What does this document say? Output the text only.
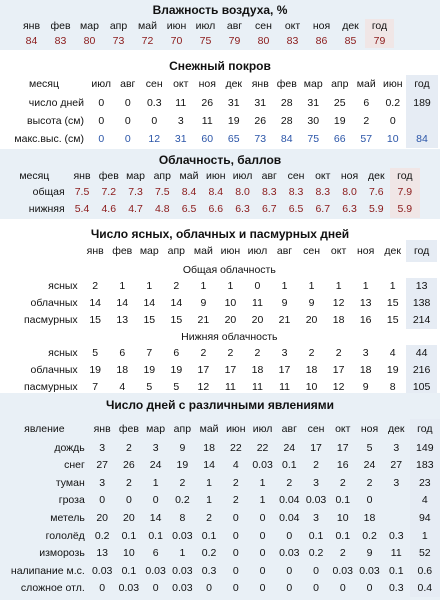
Влажность воздуха, %
янв	фев	мар	апр	май	июн	июл	авг	сен	окт	ноя	дек	год
84	83	80	73	72	70	75	79	80	83	86	85	79
Снежный покров
месяц	июл	авг	сен	окт	ноя	дек	янв	фев	мар	апр	май	июн	год
число дней	0	0	0.3	11	26	31	31	28	31	25	6	0.2	189
высота (см)	0	0	0	3	11	19	26	28	30	19	2	0	
макс.выс. (см)	0	0	12	31	60	65	73	84	75	66	57	10	84
Облачность, баллов
месяц	янв	фев	мар	апр	май	июн	июл	авг	сен	окт	ноя	дек	год
общая	7.5	7.2	7.3	7.5	8.4	8.4	8.0	8.3	8.3	8.3	8.0	7.6	7.9
нижняя	5.4	4.6	4.7	4.8	6.5	6.6	6.3	6.7	6.5	6.7	6.3	5.9	5.9
Число ясных, облачных и пасмурных дней
	янв	фев	мар	апр	май	июн	июл	авг	сен	окт	ноя	дек	год
	Общая облачность												
ясных	2	1	1	2	1	1	0	1	1	1	1	1	13
облачных	14	14	14	14	9	10	11	9	9	12	13	15	138
пасмурных	15	13	15	15	21	20	20	21	20	18	16	15	214
	Нижняя облачность												
ясных	5	6	7	6	2	2	2	3	2	2	3	4	44
облачных	19	18	19	19	17	17	18	17	18	17	18	19	216
пасмурных	7	4	5	5	12	11	11	11	10	12	9	8	105
Число дней с различными явлениями
явление	янв	фев	мар	апр	май	июн	июл	авг	сен	окт	ноя	дек	год
дождь	3	2	3	9	18	22	22	24	17	17	5	3	149
снег	27	26	24	19	14	4	0.03	0.1	2	16	24	27	183
туман	3	2	1	2	1	2	1	2	3	2	2	3	23
гроза	0	0	0	0.2	1	2	1	0.04	0.03	0.1	0		4
метель	20	20	14	8	2	0	0	0.04	3	10	18		94
гололёд	0.2	0.1	0.1	0.03	0.1	0	0	0	0.1	0.1	0.2	0.3	1
изморозь	13	10	6	1	0.2	0	0	0.03	0.2	2	9	11	52
налипание м.с.	0.03	0.1	0.03	0.03	0.3	0	0	0	0	0.03	0.03	0.1	0.6
сложное отл.	0	0.03	0	0.03	0	0	0	0	0	0	0	0.3	0.4
